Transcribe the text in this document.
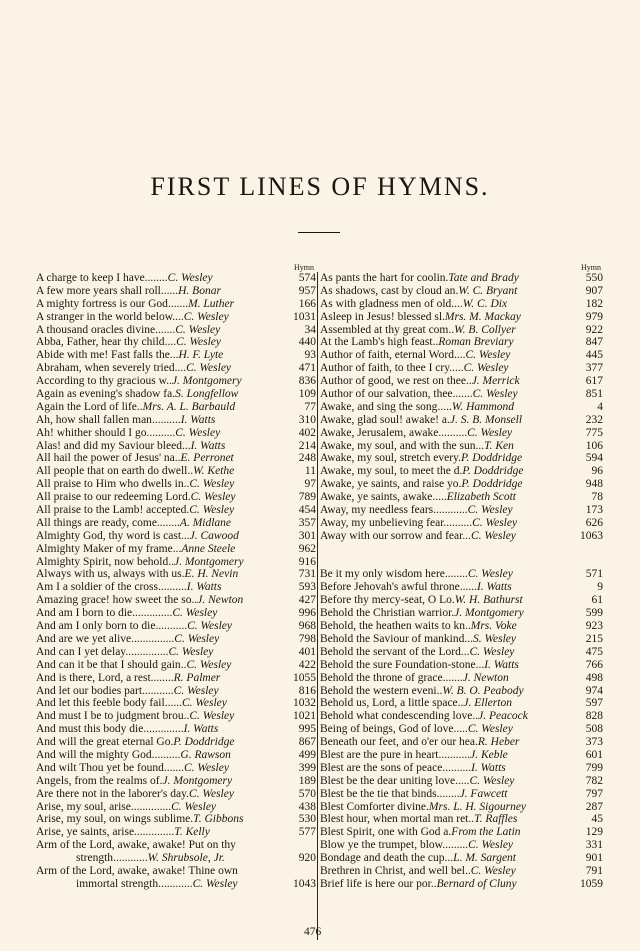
FIRST LINES OF HYMNS.
Hymn
A charge to keep I have........C. Wesley	574
A few more years shall roll......H. Bonar	957
A mighty fortress is our God.......M. Luther	166
A stranger in the world below....C. Wesley	1031
A thousand oracles divine.......C. Wesley	34
Abba, Father, hear thy child....C. Wesley	440
Abide with me! Fast falls the...H. F. Lyte	93
Abraham, when severely tried....C. Wesley	471
According to thy gracious w..J. Montgomery	836
Again as evening's shadow fa.S. Longfellow	109
Again the Lord of life..Mrs. A. L. Barbauld	77
Ah, how shall fallen man..........I. Watts	310
Ah! whither should I go..........C. Wesley	402
Alas! and did my Saviour bleed...I. Watts	214
All hail the power of Jesus' na..E. Perronet	248
All people that on earth do dwell..W. Kethe	11
All praise to Him who dwells in..C. Wesley	97
All praise to our redeeming Lord.C. Wesley	789
All praise to the Lamb! accepted.C. Wesley	454
All things are ready, come........A. Midlane	357
Almighty God, thy word is cast...J. Cawood	301
Almighty Maker of my frame...Anne Steele	962
Almighty Spirit, now behold..J. Montgomery	916
Always with us, always with us.E. H. Nevin	731
Am I a soldier of the cross..........I. Watts	593
Amazing grace! how sweet the so..J. Newton	427
And am I born to die..............C. Wesley	996
And am I only born to die...........C. Wesley	968
And are we yet alive...............C. Wesley	798
And can I yet delay...............C. Wesley	401
And can it be that I should gain..C. Wesley	422
And is there, Lord, a rest........R. Palmer	1055
And let our bodies part...........C. Wesley	816
And let this feeble body fail......C. Wesley	1032
And must I be to judgment brou..C. Wesley	1021
And must this body die..............I. Watts	995
And will the great eternal Go.P. Doddridge	867
And will the mighty God..........G. Rawson	499
And wilt Thou yet be found.......C. Wesley	399
Angels, from the realms of.J. Montgomery	189
Are there not in the laborer's day.C. Wesley	570
Arise, my soul, arise..............C. Wesley	438
Arise, my soul, on wings sublime.T. Gibbons	530
Arise, ye saints, arise..............T. Kelly	577
Arm of the Lord, awake, awake! Put on thy
strength............W. Shrubsole, Jr.	920
Arm of the Lord, awake, awake! Thine own
immortal strength............C. Wesley	1043
Hymn
As pants the hart for coolin.Tate and Brady	550
As shadows, cast by cloud an.W. C. Bryant	907
As with gladness men of old....W. C. Dix	182
Asleep in Jesus! blessed sl.Mrs. M. Mackay	979
Assembled at thy great com..W. B. Collyer	922
At the Lamb's high feast..Roman Breviary	847
Author of faith, eternal Word....C. Wesley	445
Author of faith, to thee I cry.....C. Wesley	377
Author of good, we rest on thee..J. Merrick	617
Author of our salvation, thee.......C. Wesley	851
Awake, and sing the song.....W. Hammond	4
Awake, glad soul! awake! a.J. S. B. Monsell	232
Awake, Jerusalem, awake..........C. Wesley	775
Awake, my soul, and with the sun...T. Ken	106
Awake, my soul, stretch every.P. Doddridge	594
Awake, my soul, to meet the d.P. Doddridge	96
Awake, ye saints, and raise yo.P. Doddridge	948
Awake, ye saints, awake.....Elizabeth Scott	78
Away, my needless fears............C. Wesley	173
Away, my unbelieving fear..........C. Wesley	626
Away with our sorrow and fear...C. Wesley	1063
Be it my only wisdom here........C. Wesley	571
Before Jehovah's awful throne......I. Watts	9
Before thy mercy-seat, O Lo.W. H. Bathurst	61
Behold the Christian warrior.J. Montgomery	599
Behold, the heathen waits to kn..Mrs. Voke	923
Behold the Saviour of mankind...S. Wesley	215
Behold the servant of the Lord...C. Wesley	475
Behold the sure Foundation-stone...I. Watts	766
Behold the throne of grace.......J. Newton	498
Behold the western eveni..W. B. O. Peabody	974
Behold us, Lord, a little space..J. Ellerton	597
Behold what condescending love..J. Peacock	828
Being of beings, God of love.....C. Wesley	508
Beneath our feet, and o'er our hea.R. Heber	373
Blest are the pure in heart...........J. Keble	601
Blest are the sons of peace..........I. Watts	799
Blest be the dear uniting love.....C. Wesley	782
Blest be the tie that binds........J. Fawcett	797
Blest Comforter divine.Mrs. L. H. Sigourney	287
Blest hour, when mortal man ret..T. Raffles	45
Blest Spirit, one with God a.From the Latin	129
Blow ye the trumpet, blow.........C. Wesley	331
Bondage and death the cup...L. M. Sargent	901
Brethren in Christ, and well bel..C. Wesley	791
Brief life is here our por..Bernard of Cluny	1059
476
